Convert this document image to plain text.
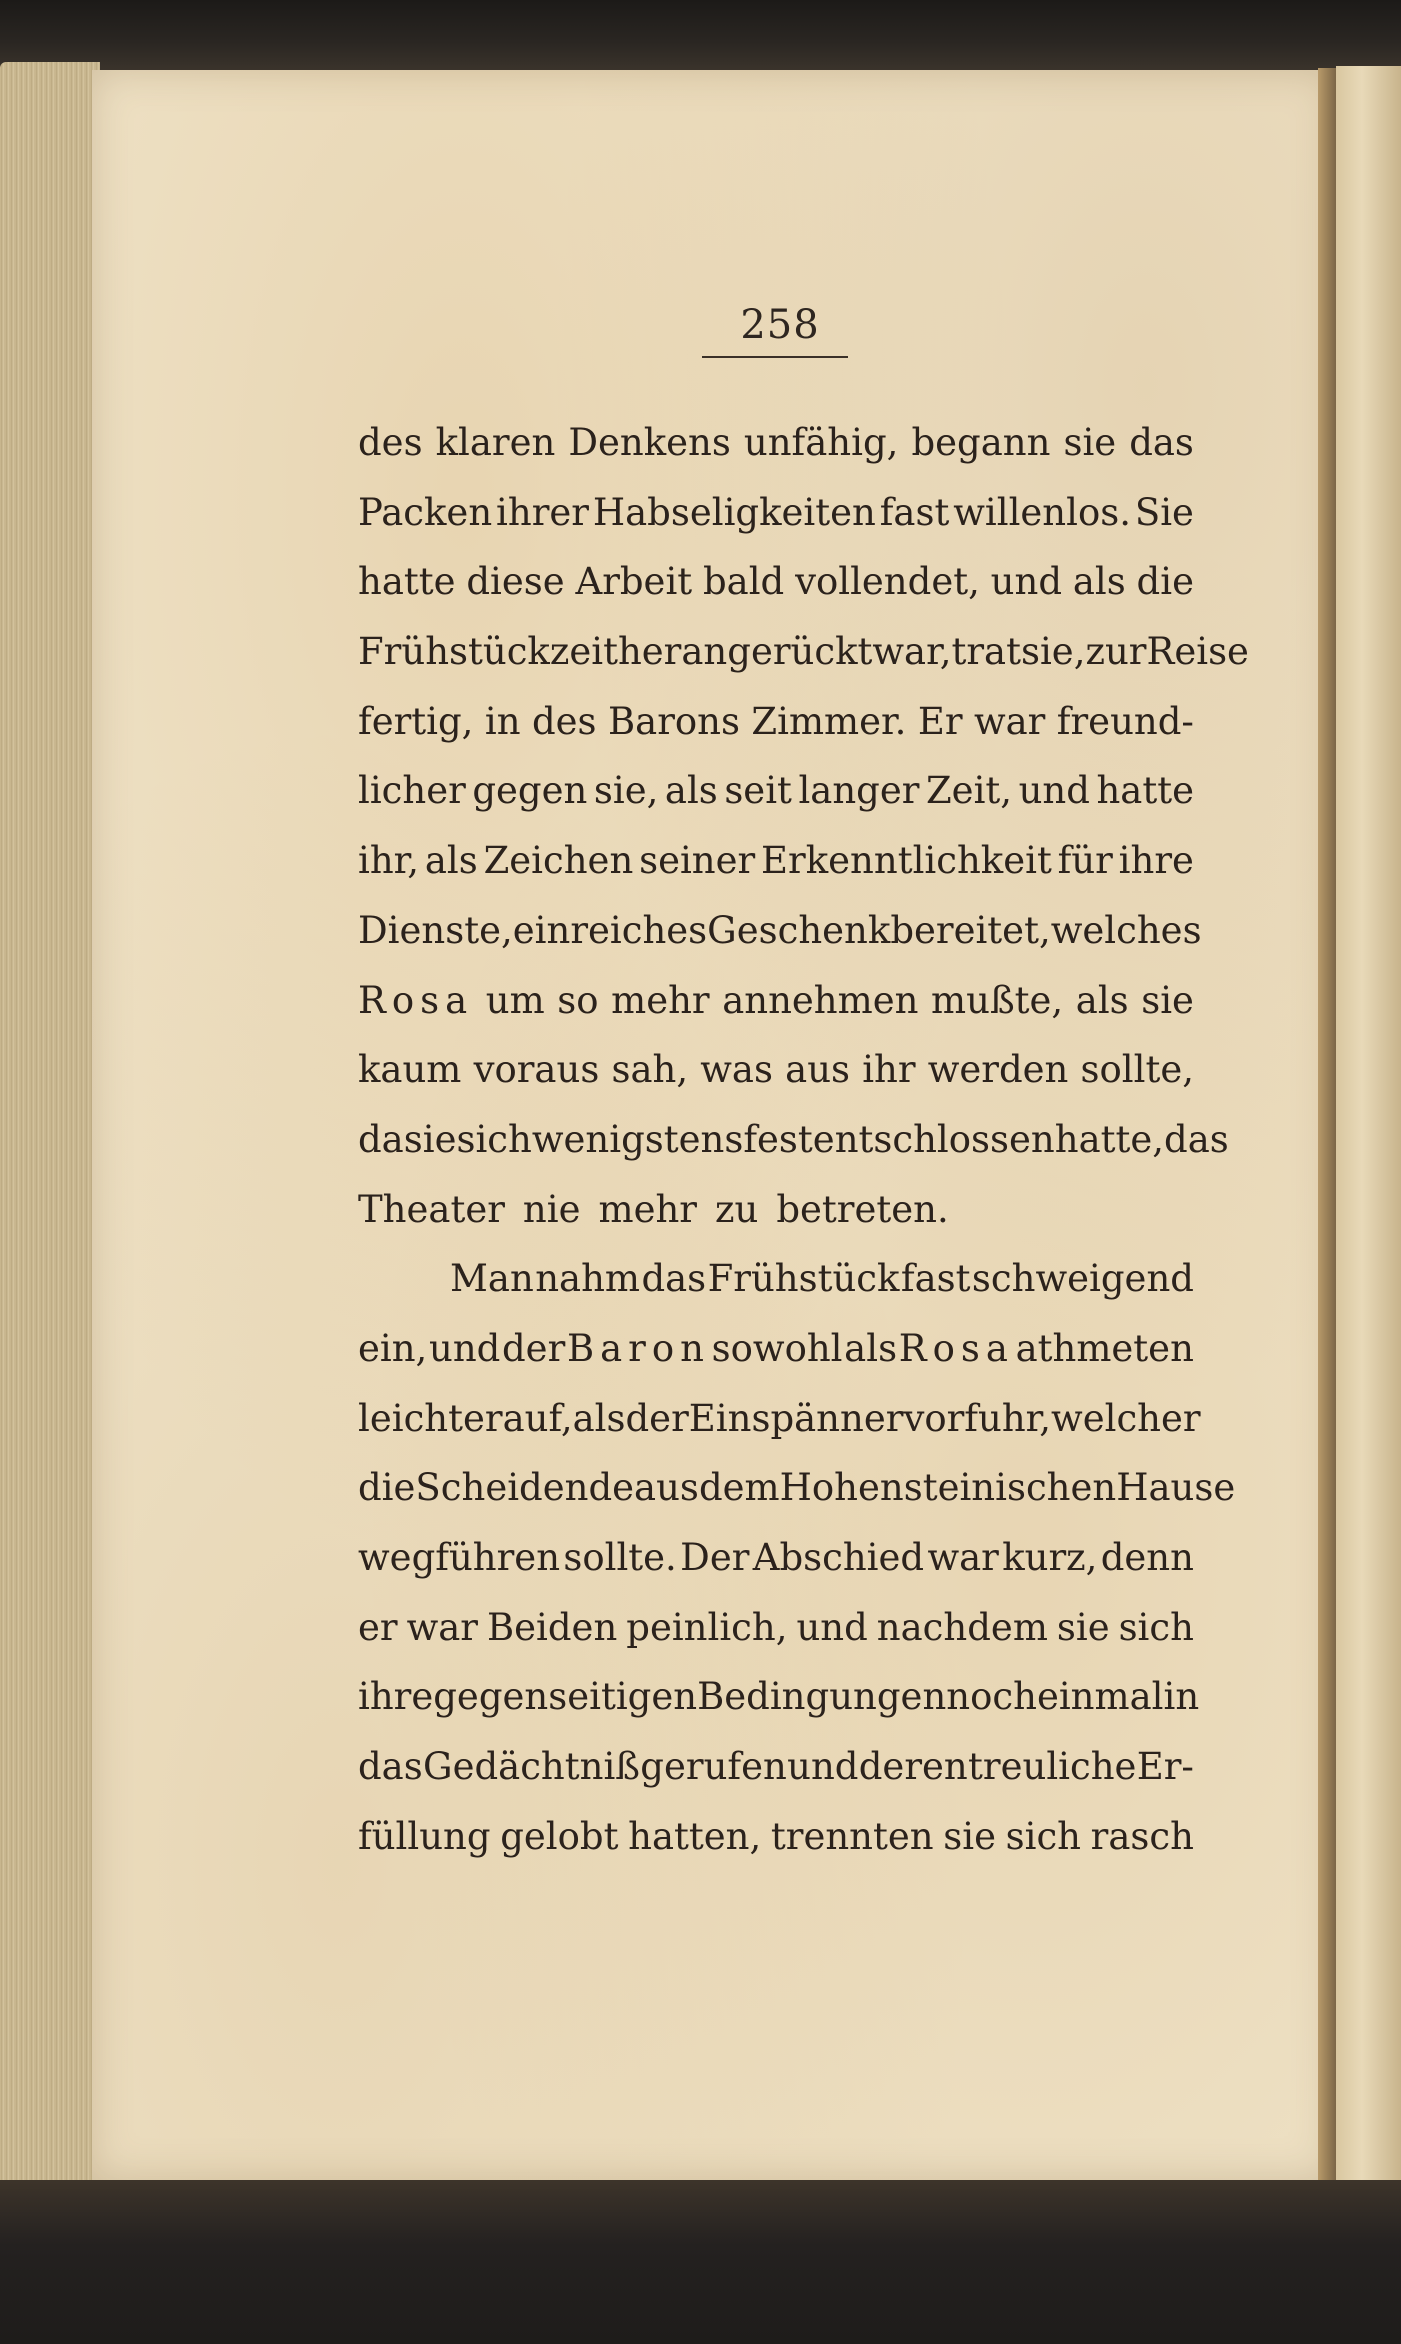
258
des klaren Denkens unfähig, begann sie das
Packen ihrer Habseligkeiten fast willenlos. Sie
hatte diese Arbeit bald vollendet, und als die
Frühstückzeit herangerückt war, trat sie, zur Reise
fertig, in des Barons Zimmer. Er war freund-
licher gegen sie, als seit langer Zeit, und hatte
ihr, als Zeichen seiner Erkenntlichkeit für ihre
Dienste, ein reiches Geschenk bereitet, welches
Rosa um so mehr annehmen mußte, als sie
kaum voraus sah, was aus ihr werden sollte,
da sie sich wenigstens fest entschlossen hatte, das
Theater nie mehr zu betreten.
Man nahm das Frühstück fast schweigend
ein, und der Baron sowohl als Rosa athmeten
leichter auf, als der Einspänner vorfuhr, welcher
die Scheidende aus dem Hohensteinischen Hause
wegführen sollte. Der Abschied war kurz, denn
er war Beiden peinlich, und nachdem sie sich
ihre gegenseitigen Bedingungen noch einmal in
das Gedächtniß gerufen und deren treuliche Er-
füllung gelobt hatten, trennten sie sich rasch
